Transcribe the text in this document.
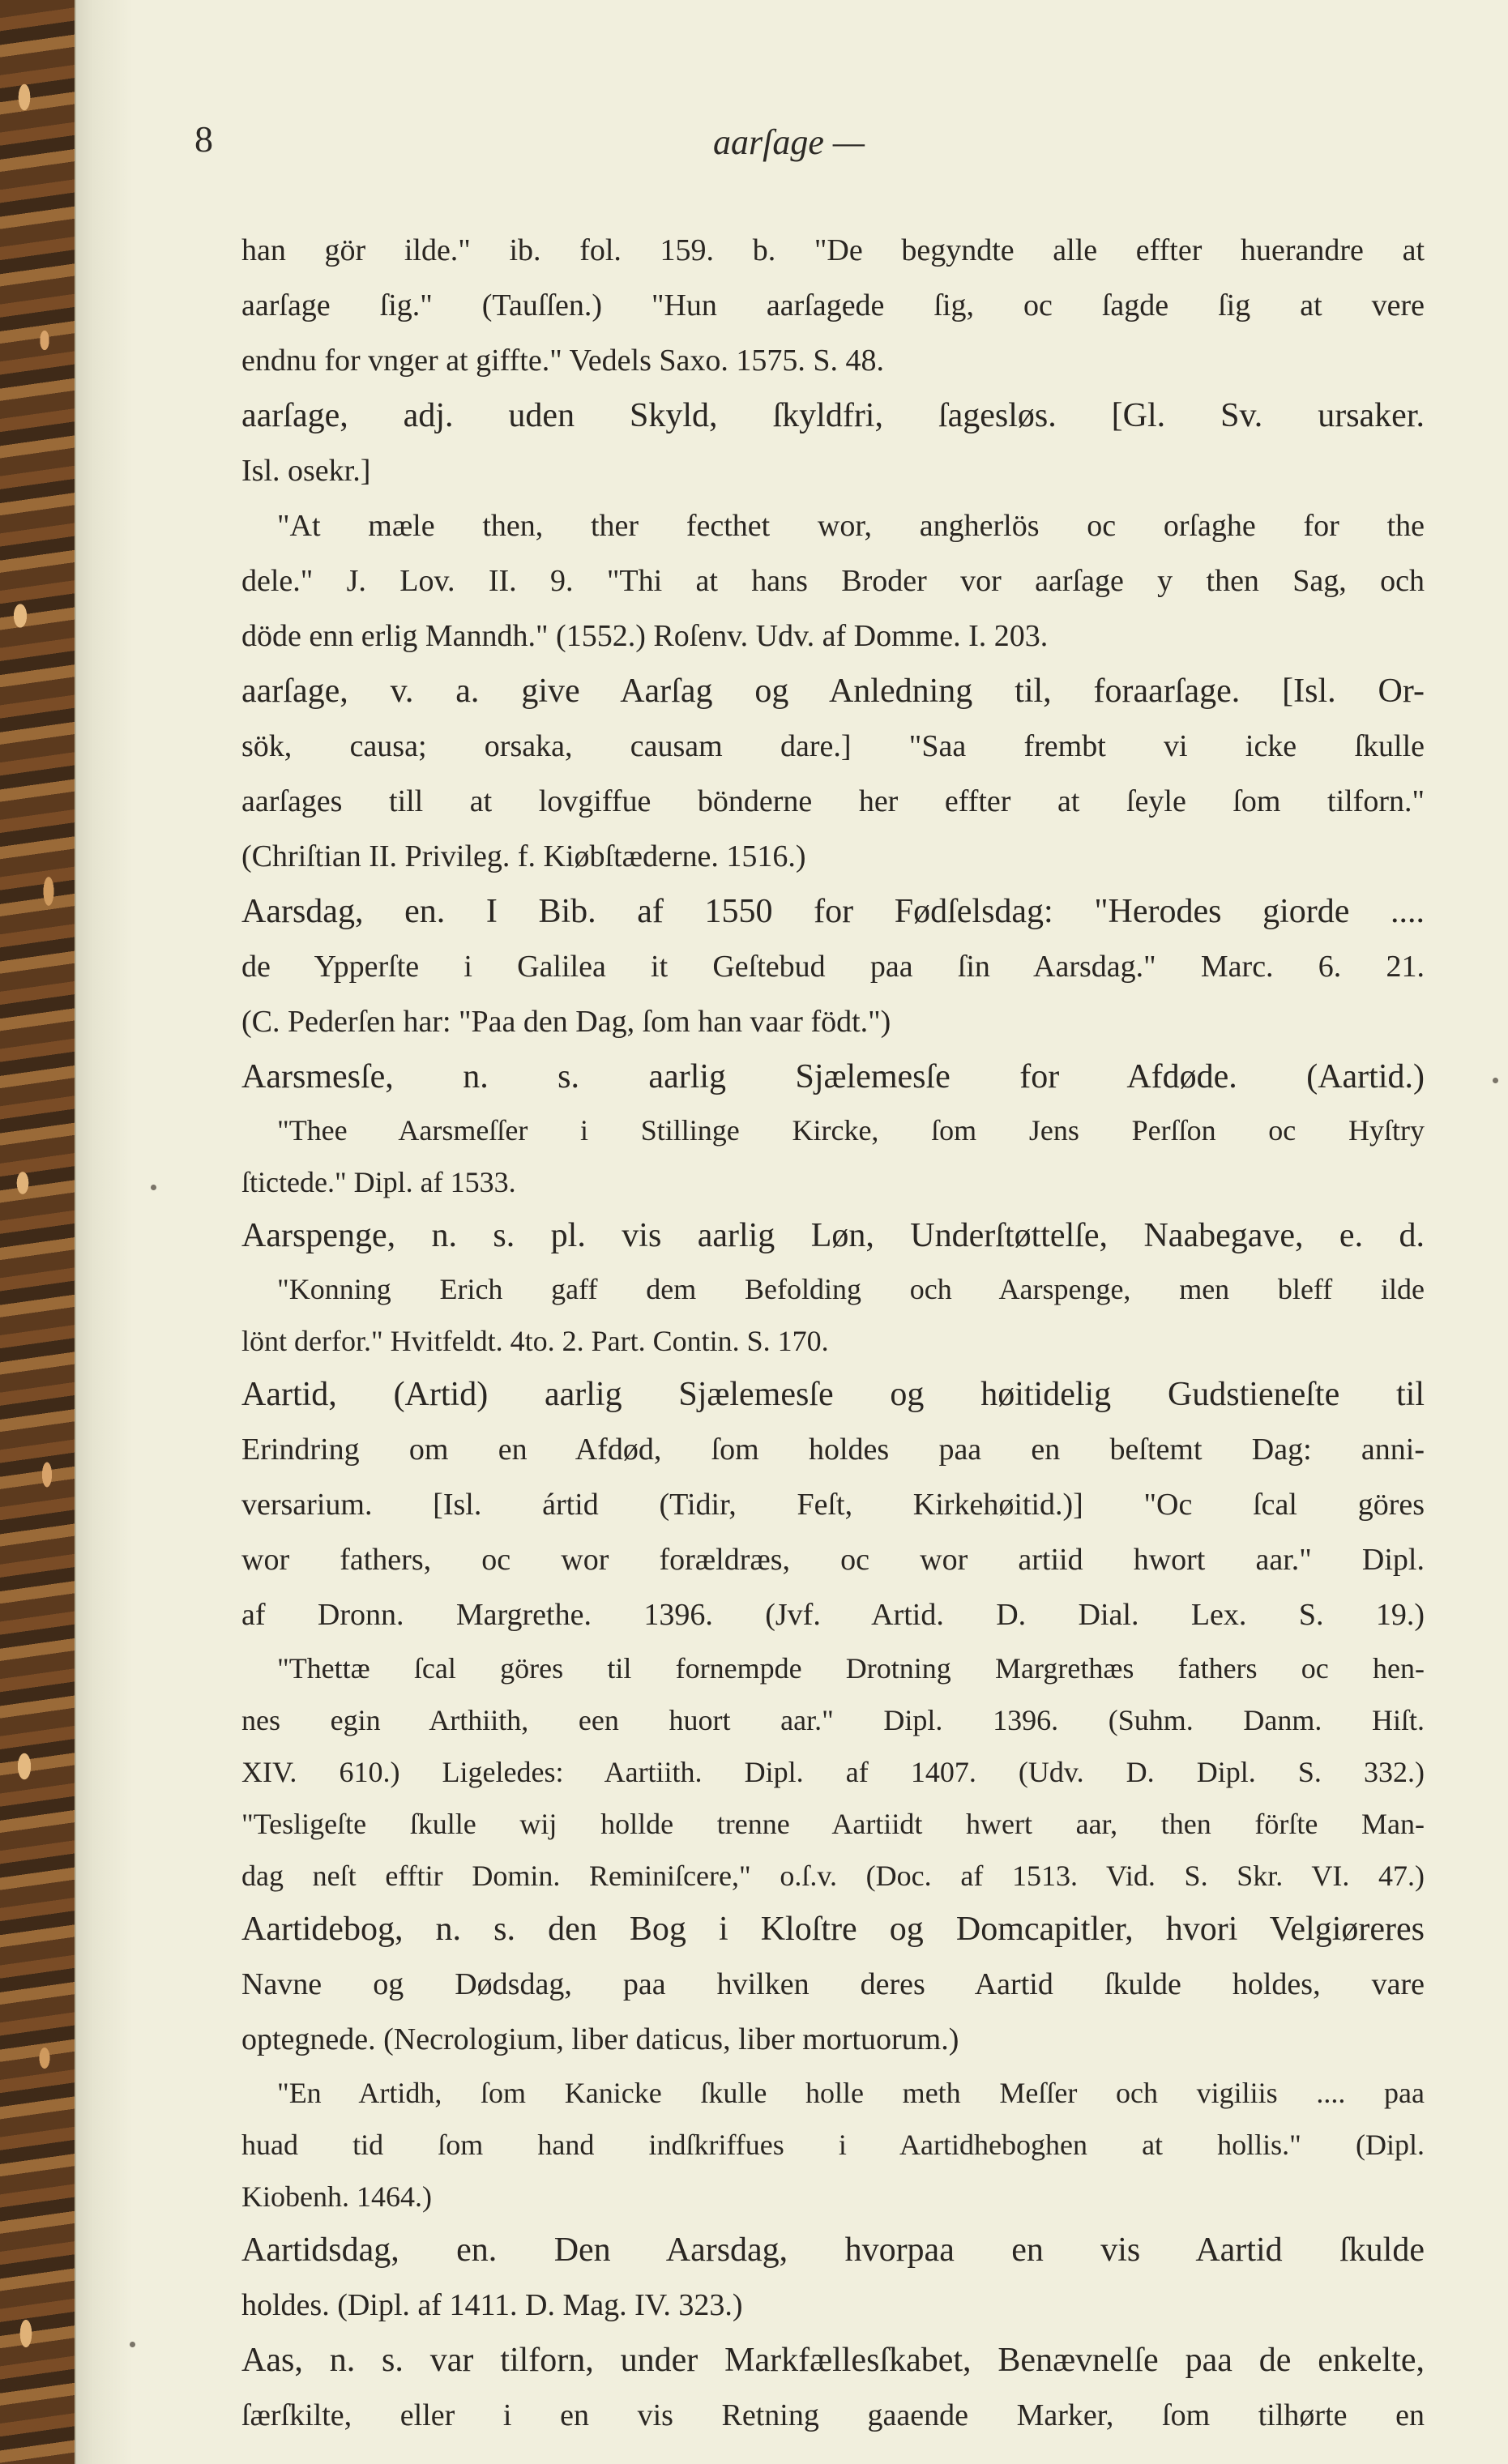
8	aarſage —
han gör ilde." ib. fol. 159. b. "De begyndte alle effter huerandre at
aarſage ſig." (Tauſſen.) "Hun aarſagede ſig, oc ſagde ſig at vere
endnu for vnger at giffte." Vedels Saxo. 1575. S. 48.
aarſage, adj. uden Skyld, ſkyldfri, ſagesløs. [Gl. Sv. ursaker.
Isl. osekr.]
"At mæle then, ther fecthet wor, angherlös oc orſaghe for the
dele." J. Lov. II. 9. "Thi at hans Broder vor aarſage y then Sag, och
döde enn erlig Manndh." (1552.) Roſenv. Udv. af Domme. I. 203.
aarſage, v. a. give Aarſag og Anledning til, foraarſage. [Isl. Or-
sök, causa; orsaka, causam dare.] "Saa frembt vi icke ſkulle
aarſages till at lovgiffue bönderne her effter at ſeyle ſom tilforn."
(Chriſtian II. Privileg. f. Kiøbſtæderne. 1516.)
Aarsdag, en. I Bib. af 1550 for Fødſelsdag: "Herodes giorde ....
de Ypperſte i Galilea it Geſtebud paa ſin Aarsdag." Marc. 6. 21.
(C. Pederſen har: "Paa den Dag, ſom han vaar födt.")
Aarsmesſe, n. s. aarlig Sjælemesſe for Afdøde. (Aartid.)
"Thee Aarsmeſſer i Stillinge Kircke, ſom Jens Perſſon oc Hyſtry
ſtictede." Dipl. af 1533.
Aarspenge, n. s. pl. vis aarlig Løn, Underſtøttelſe, Naabegave, e. d.
"Konning Erich gaff dem Befolding och Aarspenge, men bleff ilde
lönt derfor." Hvitfeldt. 4to. 2. Part. Contin. S. 170.
Aartid, (Artid) aarlig Sjælemesſe og høitidelig Gudstieneſte til
Erindring om en Afdød, ſom holdes paa en beſtemt Dag: anni-
versarium. [Isl. ártid (Tidir, Feſt, Kirkehøitid.)] "Oc ſcal göres
wor fathers, oc wor forældræs, oc wor artiid hwort aar." Dipl.
af Dronn. Margrethe. 1396. (Jvf. Artid. D. Dial. Lex. S. 19.)
"Thettæ ſcal göres til fornempde Drotning Margrethæs fathers oc hen-
nes egin Arthiith, een huort aar." Dipl. 1396. (Suhm. Danm. Hiſt.
XIV. 610.) Ligeledes: Aartiith. Dipl. af 1407. (Udv. D. Dipl. S. 332.)
"Tesligeſte ſkulle wij hollde trenne Aartiidt hwert aar, then förſte Man-
dag neſt efftir Domin. Reminiſcere," o.ſ.v. (Doc. af 1513. Vid. S. Skr. VI. 47.)
Aartidebog, n. s. den Bog i Kloſtre og Domcapitler, hvori Velgiøreres
Navne og Dødsdag, paa hvilken deres Aartid ſkulde holdes, vare
optegnede. (Necrologium, liber daticus, liber mortuorum.)
"En Artidh, ſom Kanicke ſkulle holle meth Meſſer och vigiliis .... paa
huad tid ſom hand indſkriffues i Aartidheboghen at hollis." (Dipl.
Kiobenh. 1464.)
Aartidsdag, en. Den Aarsdag, hvorpaa en vis Aartid ſkulde
holdes. (Dipl. af 1411. D. Mag. IV. 323.)
Aas, n. s. var tilforn, under Markfællesſkabet, Benævnelſe paa de enkelte,
ſærſkilte, eller i en vis Retning gaaende Marker, ſom tilhørte en
